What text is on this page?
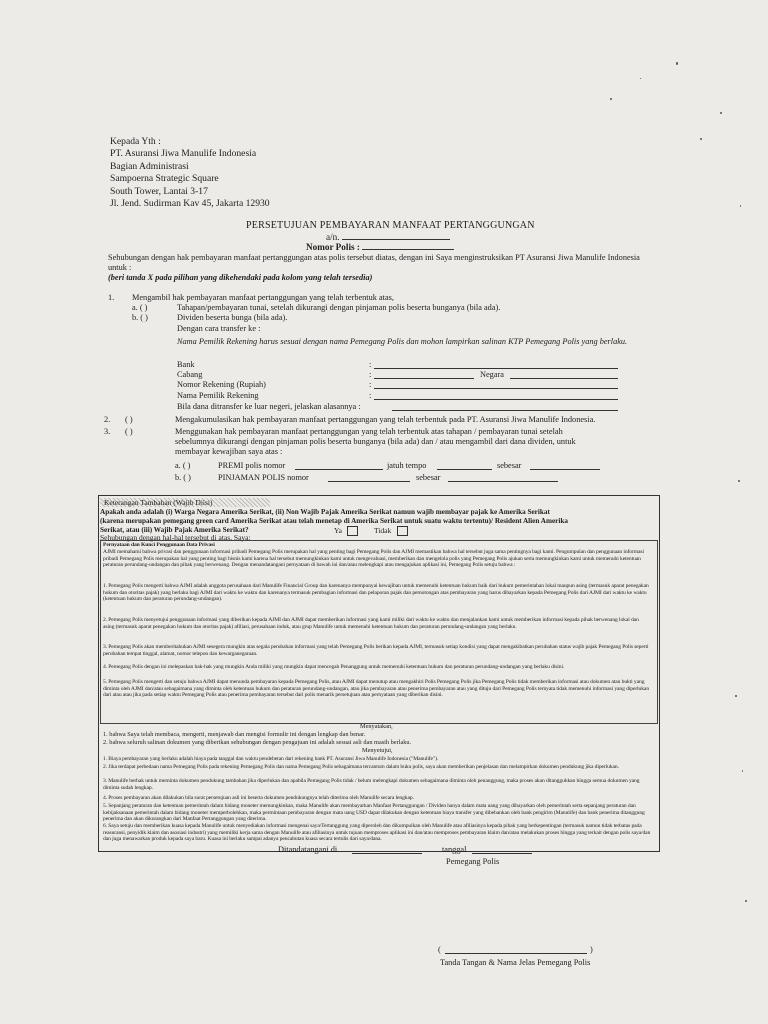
Kepada Yth :
PT. Asuransi Jiwa Manulife Indonesia
Bagian Administrasi
Sampoerna Strategic Square
South Tower, Lantai 3-17
Jl. Jend. Sudirman Kav 45, Jakarta 12930
PERSETUJUAN PEMBAYARAN MANFAAT PERTANGGUNGAN
a/n.
Nomor Polis :
Sehubungan dengan hak pembayaran manfaat pertanggungan atas polis tersebut diatas, dengan ini Saya menginstruksikan PT Asuransi Jiwa Manulife Indonesia untuk :
(beri tanda X pada pilihan yang dikehendaki pada kolom yang telah tersedia)
1. Mengambil hak pembayaran manfaat pertanggungan yang telah terbentuk atas,
a. ( )	Tahapan/pembayaran tunai, setelah dikurangi dengan pinjaman polis beserta bunganya (bila ada).
b. ( )	Dividen beserta bunga (bila ada).
Dengan cara transfer ke :
Nama Pemilik Rekening harus sesuai dengan nama Pemegang Polis dan mohon lampirkan salinan KTP Pemegang Polis yang berlaku.
Bank	:
Cabang	:	Negara
Nomor Rekening (Rupiah)	:
Nama Pemilik Rekening	:
Bila dana ditransfer ke luar negeri, jelaskan alasannya :
2. ( )	Mengakumulasikan hak pembayaran manfaat pertanggungan yang telah terbentuk pada PT. Asuransi Jiwa Manulife Indonesia.
3. ( )	Menggunakan hak pembayaran manfaat pertanggungan yang telah terbentuk atas tahapan / pembayaran tunai setelah
sebelumnya dikurangi dengan pinjaman polis beserta bunganya (bila ada) dan / atau mengambil dari dana dividen, untuk
membayar kewajiban saya atas :
a. ( )	PREMI polis nomor	jatuh tempo	sebesar
b. ( )	PINJAMAN POLIS nomor	sebesar
Keterangan Tambahan (Wajib Diisi)
Apakah anda adalah (i) Warga Negara Amerika Serikat, (ii) Non Wajib Pajak Amerika Serikat namun wajib membayar pajak ke Amerika Serikat
(karena merupakan pemegang green card Amerika Serikat atau telah menetap di Amerika Serikat untuk suatu waktu tertentu)/ Resident Alien Amerika
Serikat, atau (iii) Wajib Pajak Amerika Serikat?	Ya	Tidak
Sehubungan dengan hal-hal tersebut di atas, Saya:
Pernyataan dan Kunci Penggunaan Data Privasi
AJMI memahami bahwa privasi dan penggunaan informasi pribadi Pemegang Polis merupakan hal yang penting bagi Pemegang Polis dan AJMI memastikan bahwa hal tersebut juga sama pentingnya bagi kami. Pengumpulan dan penggunaan informasi pribadi Pemegang Polis merupakan hal yang penting bagi bisnis kami karena hal tersebut memungkinkan kami untuk mengevaluasi, memberikan dan mengelola polis yang Pemegang Polis ajukan serta memungkinkan kami untuk memenuhi ketentuan peraturan perundang-undangan dan pihak yang berwenang. Dengan menandatangani pernyataan di bawah ini dan/atau melengkapi atau mengajukan aplikasi ini, Pemegang Polis setuju bahwa :
1. Pemegang Polis mengerti bahwa AJMI adalah anggota perusahaan dari Manulife Financial Group dan karenanya mempunyai kewajiban untuk memenuhi ketentuan hukum baik dari hukum pemerintahan lokal maupun asing (termasuk aparat penegakan hukum dan otoritas pajak) yang berlaku bagi AJMI dari waktu ke waktu dan karenanya termasuk pembagian informasi dan pelaporan pajak dan pemotongan atas pembayaran yang harus dibayarkan kepada Pemegang Polis dari AJMI dari waktu ke waktu (ketentuan hukum dan peraturan perundang-undangan).
2. Pemegang Polis menyetujui penggunaan informasi yang diberikan kepada AJMI dan AJMI dapat memberikan informasi yang kami miliki dari waktu ke waktu dan menjalankan kami untuk memberikan informasi kepada pihak berwenang lokal dan asing (termasuk aparat penegakan hukum dan otoritas pajak) afiliasi, perusahaan induk, atau grup Manulife untuk memenuhi ketentuan hukum dan peraturan perundang-undangan yang berlaku.
3. Pemegang Polis akan memberitahukan AJMI sesegera mungkin atas segala perubahan informasi yang telah Pemegang Polis berikan kepada AJMI, termasuk setiap kondisi yang dapat mengakibatkan perubahan status wajib pajak Pemegang Polis seperti perubahan tempat tinggal, alamat, nomor telepon dan kewarganegaraan.
4. Pemegang Polis dengan ini melepaskan hak-hak yang mungkin Anda miliki yang mungkin dapat mencegah Penanggung untuk memenuhi ketentuan hukum dan peraturan perundang-undangan yang berlaku disini.
5. Pemegang Polis mengerti dan setuju bahwa AJMI dapat menunda pembayaran kepada Pemegang Polis, atau AJMI dapat menutup atau mengakhiri Polis Pemegang Polis jika Pemegang Polis tidak memberikan informasi atau dokumen atau bukti yang diminta oleh AJMI dan/atau sebagaimana yang diminta oleh ketentuan hukum dan peraturan perundang-undangan, atau jika pembayaran atau penerima pembayaran atau yang dituju dari Pemegang Polis ternyata tidak memenuhi informasi yang diperlukan dari atau atau jika pada setiap waktu Pemegang Polis atau penerima pembayaran tersebut dari polis menarik persetujuan atau pernyataan yang diberikan disini.
Menyatakan,
1. bahwa Saya telah membaca, mengerti, menjawab dan mengisi formulir ini dengan lengkap dan benar.
2. bahwa seluruh salinan dokumen yang diberikan sehubungan dengan pengajuan ini adalah sesuai asli dan masih berlaku.
Menyetujui,
1. Biaya pembayaran yang berlaku adalah biaya pada tanggal dan waktu pendebetan dari rekening bank PT. Asuransi Jiwa Manulife Indonesia ("Manulife").
2. Jika terdapat perbedaan nama Pemegang Polis pada rekening Pemegang Polis dan nama Pemegang Polis sebagaimana tercantum dalam buku polis, saya akan memberikan penjelasan dan melampirkan dokumen pendukung jika diperlukan.
3. Manulife berhak untuk meminta dokumen pendukung tambahan jika diperlukan dan apabila Pemegang Polis tidak / belum melengkapi dokumen sebagaimana diminta oleh penanggung, maka proses akan ditangguhkan hingga semua dokumen yang diminta sudah lengkap.
4. Proses pembayaran akan dilakukan bila surat persetujuan asli ini beserta dokumen pendukungnya telah diterima oleh Manulife secara lengkap.
5. Sepanjang peraturan dan ketentuan pemerintah dalam bidang moneter memungkinkan, maka Manulife akan membayarkan Manfaat Pertanggungan / Dividen hanya dalam mata uang yang dibayarkan oleh pemerintah serta sepanjang peraturan dan kebijaksanaan pemerintah dalam bidang moneter memperbolehkan, maka permintaan pembayaran dengan mata uang USD dapat dilakukan dengan ketentuan biaya transfer yang dibebankan oleh bank pengirim (Manulife) dan bank penerima ditanggung penerima dan akan dikurangkan dari Manfaat Pertanggungan yang diterima.
6. Saya setuju dan memberikan kuasa kepada Manulife untuk menyediakan informasi mengenai saya/Tertanggung yang diperoleh dan dikumpulkan oleh Manulife atau afiliasinya kepada pihak yang berkepentingan (termasuk namun tidak terbatas pada reasuransi, penyidik klaim dan asosiasi industri) yang memiliki kerja sama dengan Manulife atau afiliasinya untuk tujuan memproses aplikasi ini dan/atau memproses pembayaran klaim dan/atau melakukan proses hingga yang terkait dengan polis saya/dan dan juga menawarkan produk kepada saya baru. Kuasa ini berlaku sampai adanya pencabutan kuasa secara tertulis dari saya/dana.
Ditandatangani di	tanggal
Pemegang Polis
(	)
Tanda Tangan & Nama Jelas Pemegang Polis
